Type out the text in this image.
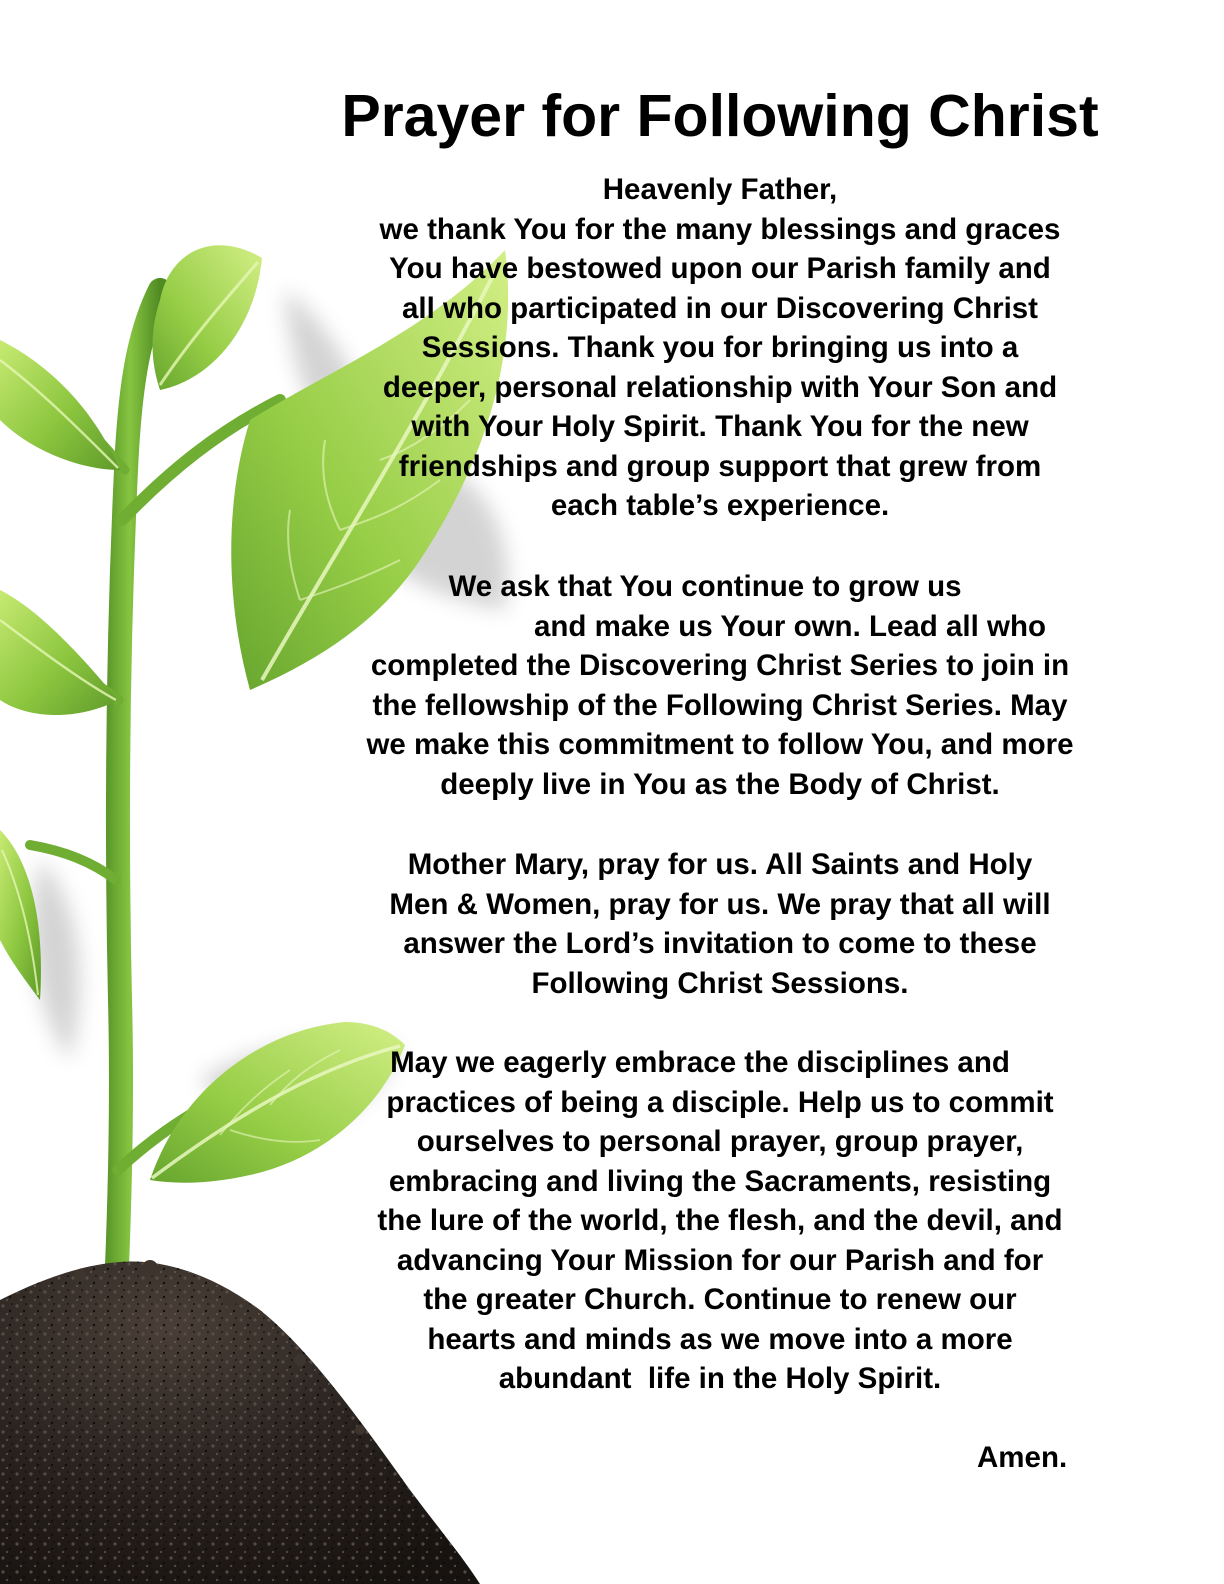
Prayer for Following Christ

Heavenly Father,
we thank You for the many blessings and graces
You have bestowed upon our Parish family and
all who participated in our Discovering Christ
Sessions. Thank you for bringing us into a
deeper, personal relationship with Your Son and
with Your Holy Spirit. Thank You for the new
friendships and group support that grew from
each table’s experience.

We ask that You continue to grow us
and make us Your own. Lead all who
completed the Discovering Christ Series to join in
the fellowship of the Following Christ Series. May
we make this commitment to follow You, and more
deeply live in You as the Body of Christ.

Mother Mary, pray for us. All Saints and Holy
Men & Women, pray for us. We pray that all will
answer the Lord’s invitation to come to these
Following Christ Sessions.

May we eagerly embrace the disciplines and
practices of being a disciple. Help us to commit
ourselves to personal prayer, group prayer,
embracing and living the Sacraments, resisting
the lure of the world, the flesh, and the devil, and
advancing Your Mission for our Parish and for
the greater Church. Continue to renew our
hearts and minds as we move into a more
abundant  life in the Holy Spirit.

Amen.
